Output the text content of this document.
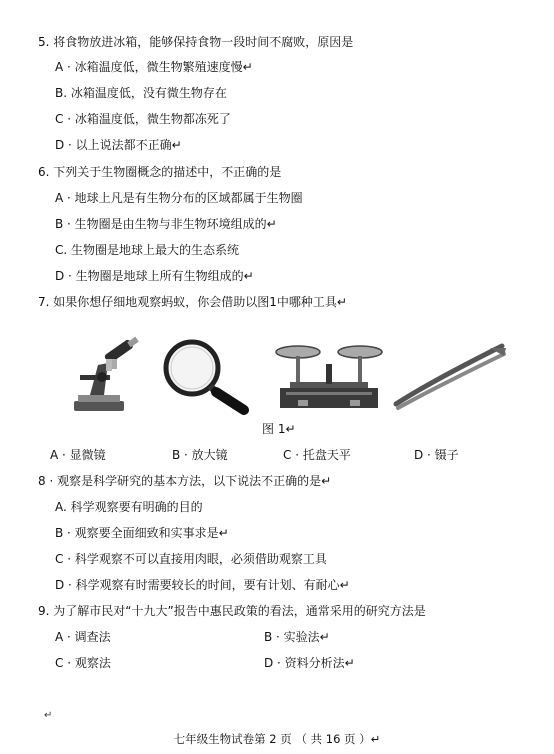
5. 将食物放进冰箱，能够保持食物一段时间不腐败，原因是
A · 冰箱温度低，微生物繁殖速度慢↵
B. 冰箱温度低，没有微生物存在
C · 冰箱温度低，微生物都冻死了
D · 以上说法都不正确↵
6. 下列关于生物圈概念的描述中，不正确的是
A · 地球上凡是有生物分布的区域都属于生物圈
B · 生物圈是由生物与非生物环境组成的↵
C. 生物圈是地球上最大的生态系统
D · 生物圈是地球上所有生物组成的↵
7. 如果你想仔细地观察蚂蚁，你会借助以图1中哪种工具↵
图 1↵
A · 显微镜	B · 放大镜	C · 托盘天平	D · 镊子
8 · 观察是科学研究的基本方法，以下说法不正确的是↵
A. 科学观察要有明确的目的
B · 观察要全面细致和实事求是↵
C · 科学观察不可以直接用肉眼，必须借助观察工具
D · 科学观察有时需要较长的时间，要有计划、有耐心↵
9. 为了解市民对“十九大”报告中惠民政策的看法，通常采用的研究方法是
A · 调查法	B · 实验法↵
C · 观察法	D · 资料分析法↵
↵
七年级生物试卷第 2 页 （ 共 16 页 ）↵
